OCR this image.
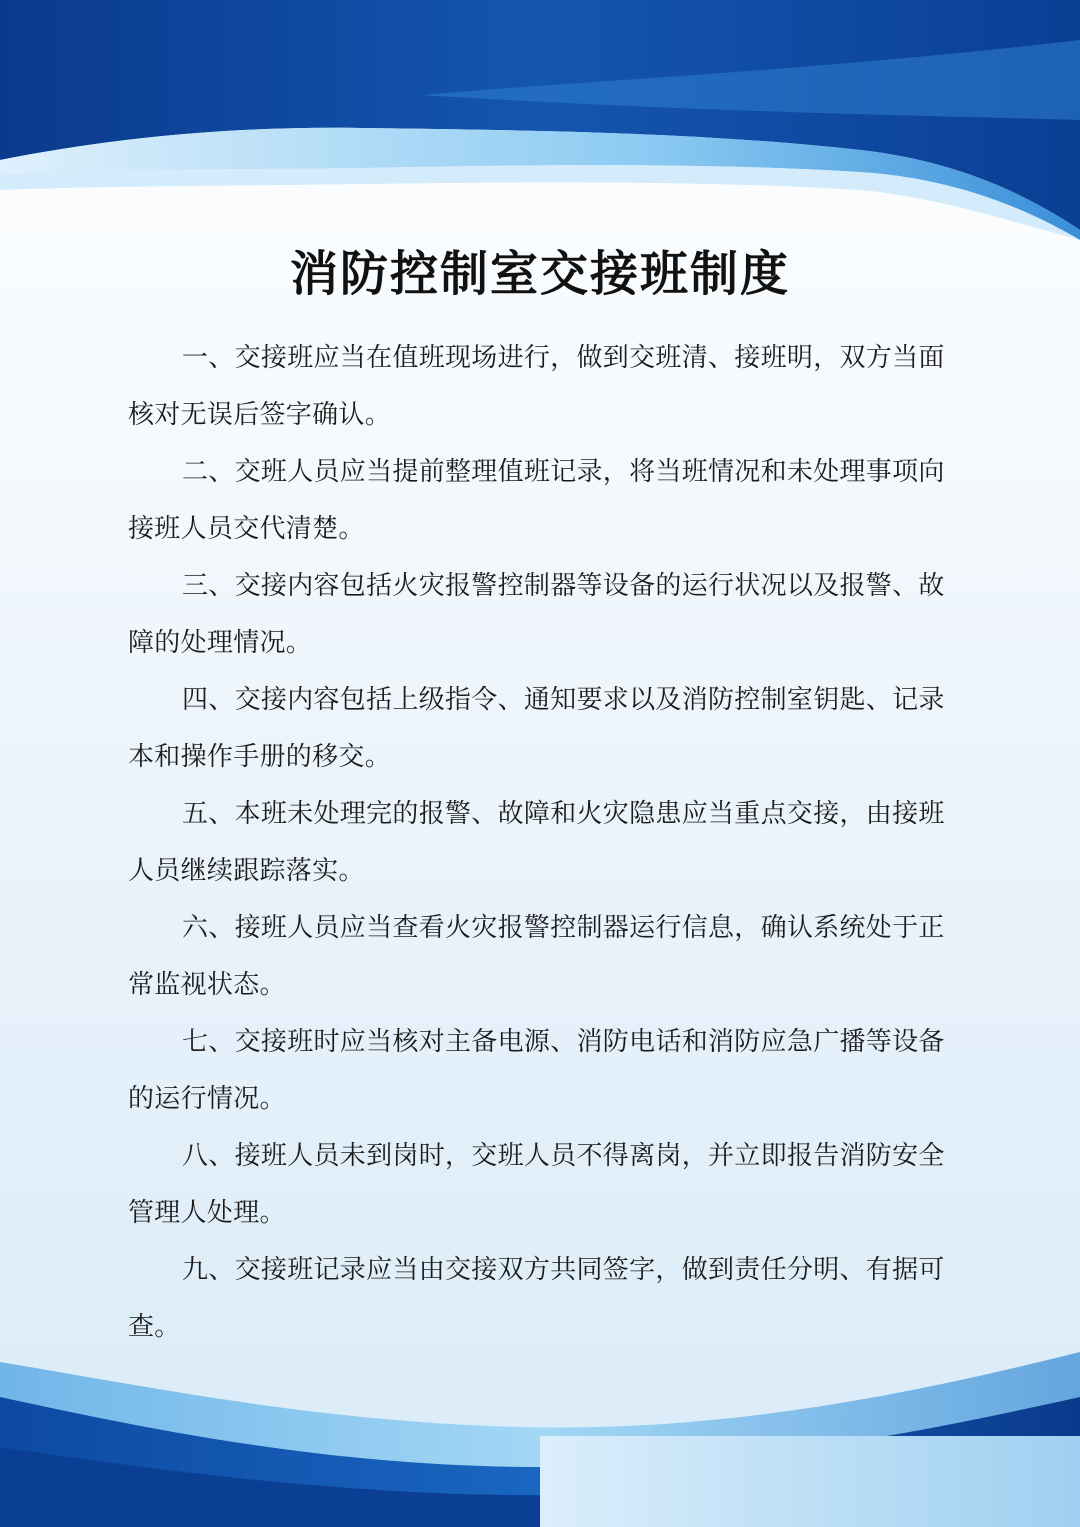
消防控制室交接班制度

一、交接班应当在值班现场进行，做到交班清、接班明，双方当面核对无误后签字确认。

二、交班人员应当提前整理值班记录，将当班情况和未处理事项向接班人员交代清楚。

三、交接内容包括火灾报警控制器等设备的运行状况以及报警、故障的处理情况。

四、交接内容包括上级指令、通知要求以及消防控制室钥匙、记录本和操作手册的移交。

五、本班未处理完的报警、故障和火灾隐患应当重点交接，由接班人员继续跟踪落实。

六、接班人员应当查看火灾报警控制器运行信息，确认系统处于正常监视状态。

七、交接班时应当核对主备电源、消防电话和消防应急广播等设备的运行情况。

八、接班人员未到岗时，交班人员不得离岗，并立即报告消防安全管理人处理。

九、交接班记录应当由交接双方共同签字，做到责任分明、有据可查。
